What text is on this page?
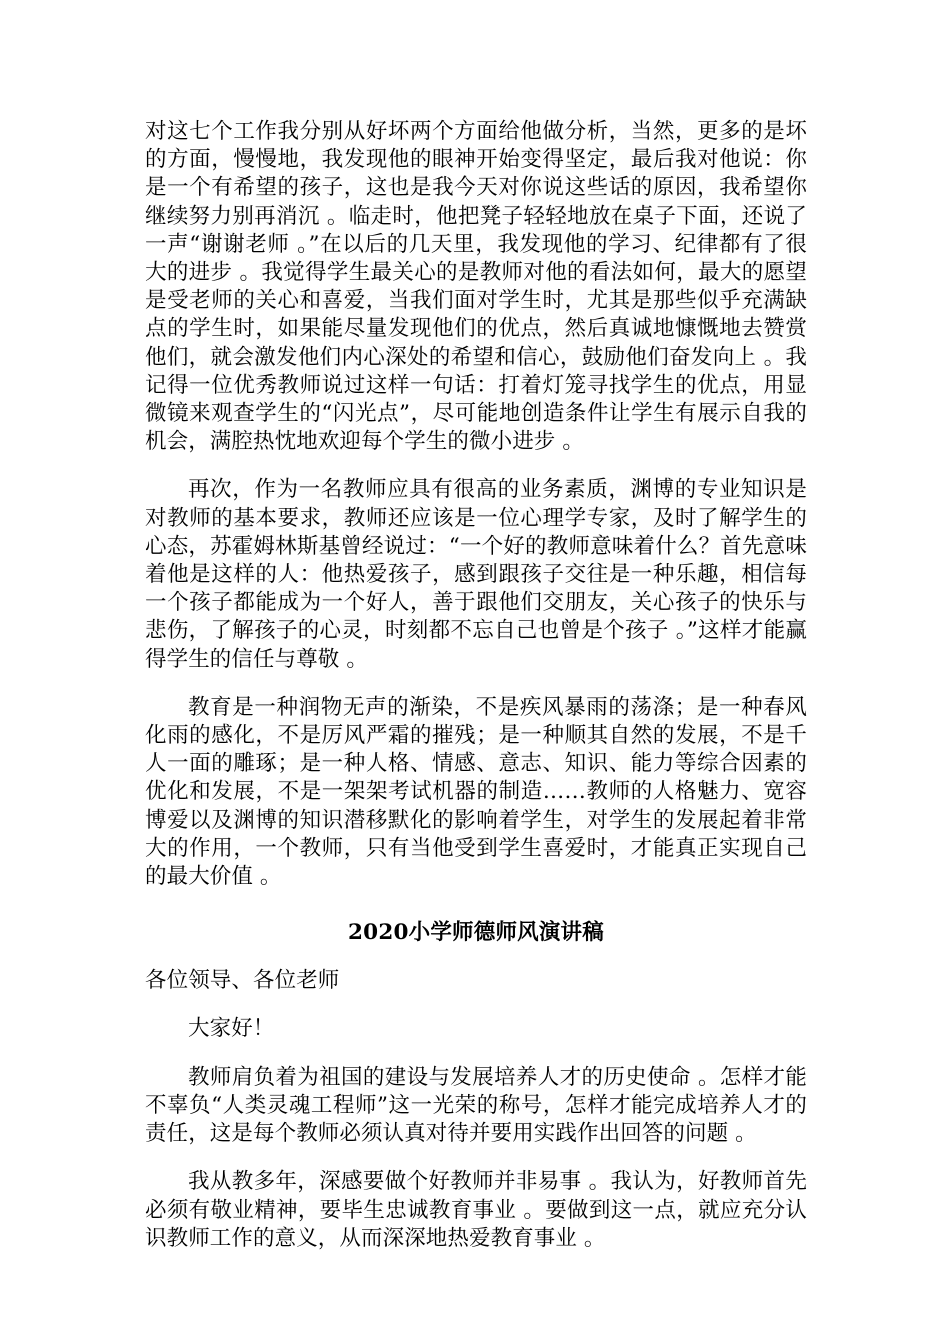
对这七个工作我分别从好坏两个方面给他做分析，当然，更多的是坏的方面，慢慢地，我发现他的眼神开始变得坚定，最后我对他说：你是一个有希望的孩子，这也是我今天对你说这些话的原因，我希望你继续努力别再消沉 。临走时，他把凳子轻轻地放在桌子下面，还说了一声“谢谢老师 。”在以后的几天里，我发现他的学习、纪律都有了很大的进步 。我觉得学生最关心的是教师对他的看法如何，最大的愿望是受老师的关心和喜爱，当我们面对学生时，尤其是那些似乎充满缺点的学生时，如果能尽量发现他们的优点，然后真诚地慷慨地去赞赏他们，就会激发他们内心深处的希望和信心，鼓励他们奋发向上 。我记得一位优秀教师说过这样一句话：打着灯笼寻找学生的优点，用显微镜来观查学生的“闪光点”，尽可能地创造条件让学生有展示自我的机会，满腔热忱地欢迎每个学生的微小进步 。

再次，作为一名教师应具有很高的业务素质，渊博的专业知识是对教师的基本要求，教师还应该是一位心理学专家，及时了解学生的心态，苏霍姆林斯基曾经说过：“一个好的教师意味着什么？首先意味着他是这样的人：他热爱孩子，感到跟孩子交往是一种乐趣，相信每一个孩子都能成为一个好人，善于跟他们交朋友，关心孩子的快乐与悲伤，了解孩子的心灵，时刻都不忘自己也曾是个孩子 。”这样才能赢得学生的信任与尊敬 。

教育是一种润物无声的渐染，不是疾风暴雨的荡涤；是一种春风化雨的感化，不是厉风严霜的摧残；是一种顺其自然的发展，不是千人一面的雕琢；是一种人格、情感、意志、知识、能力等综合因素的优化和发展，不是一架架考试机器的制造……教师的人格魅力、宽容博爱以及渊博的知识潜移默化的影响着学生，对学生的发展起着非常大的作用，一个教师，只有当他受到学生喜爱时，才能真正实现自己的最大价值 。

2020小学师德师风演讲稿

各位领导、各位老师

大家好！

教师肩负着为祖国的建设与发展培养人才的历史使命 。怎样才能不辜负“人类灵魂工程师”这一光荣的称号，怎样才能完成培养人才的责任，这是每个教师必须认真对待并要用实践作出回答的问题 。

我从教多年，深感要做个好教师并非易事 。我认为，好教师首先必须有敬业精神，要毕生忠诚教育事业 。要做到这一点，就应充分认识教师工作的意义，从而深深地热爱教育事业 。
